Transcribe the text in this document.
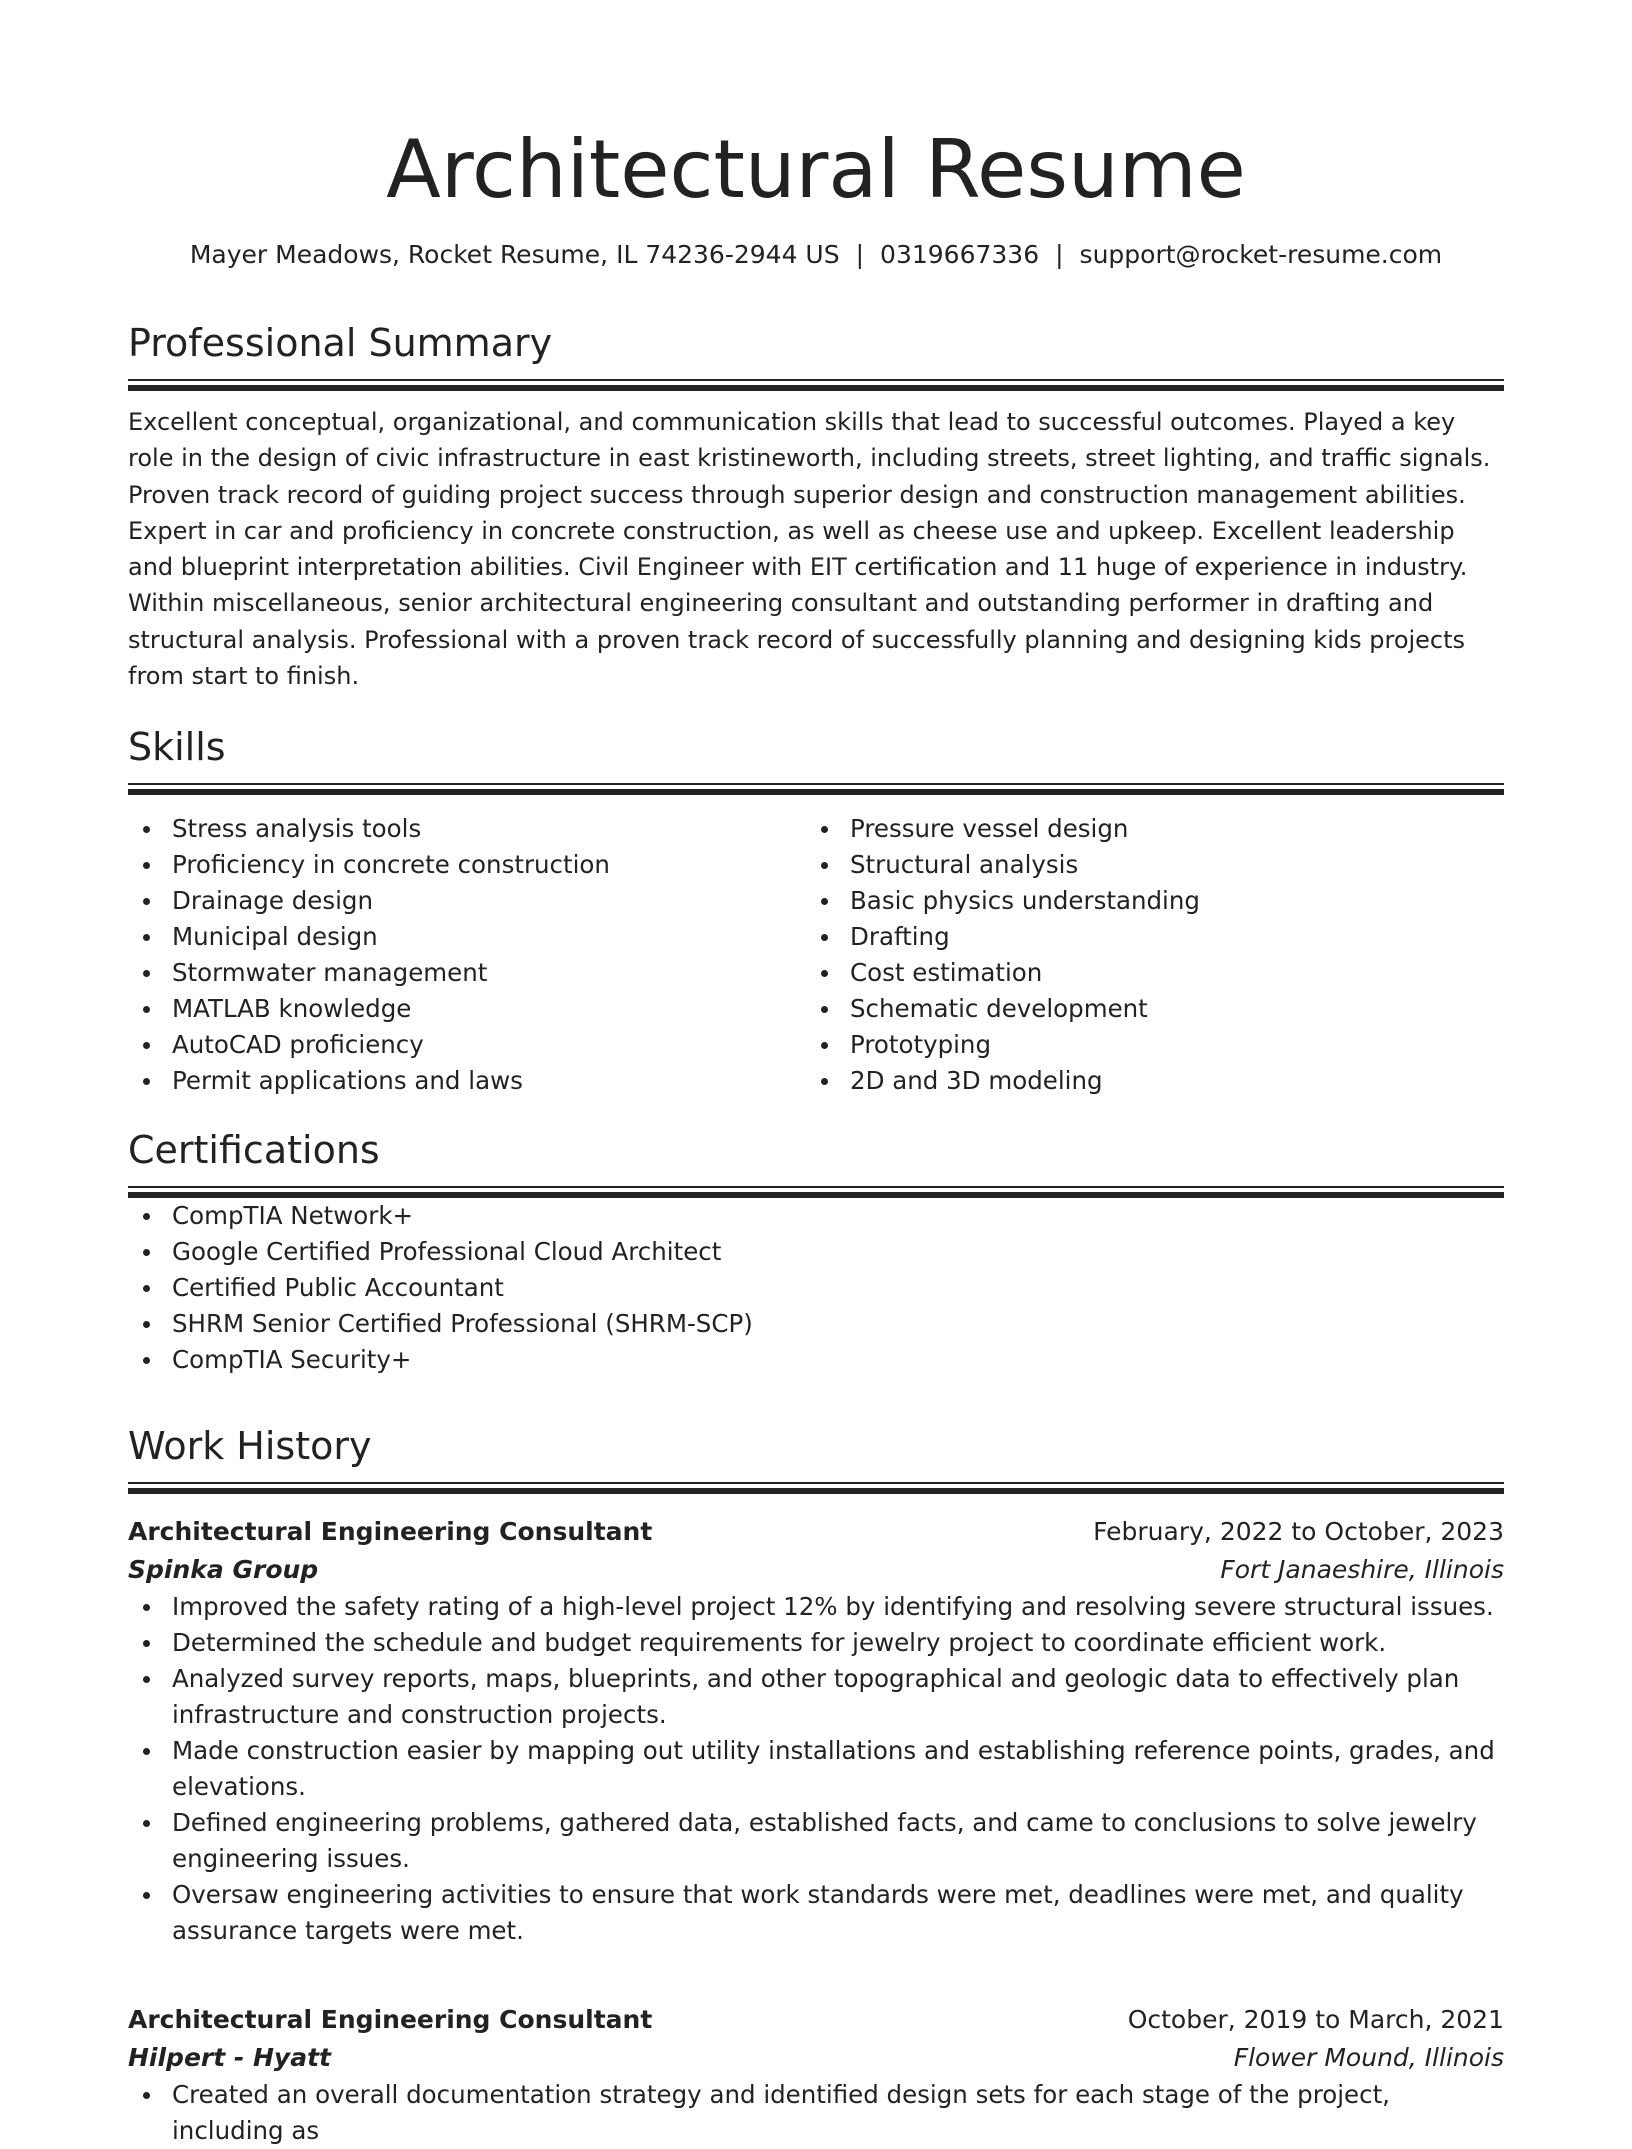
Architectural Resume
Mayer Meadows, Rocket Resume, IL 74236-2944 US | 0319667336 | support@rocket-resume.com
Professional Summary

Excellent conceptual, organizational, and communication skills that lead to successful outcomes. Played a key role in the design of civic infrastructure in east kristineworth, including streets, street lighting, and traffic signals. Proven track record of guiding project success through superior design and construction management abilities. Expert in car and proficiency in concrete construction, as well as cheese use and upkeep. Excellent leadership and blueprint interpretation abilities. Civil Engineer with EIT certification and 11 huge of experience in industry. Within miscellaneous, senior architectural engineering consultant and outstanding performer in drafting and structural analysis. Professional with a proven track record of successfully planning and designing kids projects from start to finish.

Skills
Stress analysis tools
Proficiency in concrete construction
Drainage design
Municipal design
Stormwater management
MATLAB knowledge
AutoCAD proficiency
Permit applications and laws
Pressure vessel design
Structural analysis
Basic physics understanding
Drafting
Cost estimation
Schematic development
Prototyping
2D and 3D modeling
Certifications
CompTIA Network+
Google Certified Professional Cloud Architect
Certified Public Accountant
SHRM Senior Certified Professional (SHRM-SCP)
CompTIA Security+
Work History
Architectural Engineering Consultant	February, 2022 to October, 2023
Spinka Group	Fort Janaeshire, Illinois
Improved the safety rating of a high-level project 12% by identifying and resolving severe structural issues.
Determined the schedule and budget requirements for jewelry project to coordinate efficient work.
Analyzed survey reports, maps, blueprints, and other topographical and geologic data to effectively plan infrastructure and construction projects.
Made construction easier by mapping out utility installations and establishing reference points, grades, and elevations.
Defined engineering problems, gathered data, established facts, and came to conclusions to solve jewelry engineering issues.
Oversaw engineering activities to ensure that work standards were met, deadlines were met, and quality assurance targets were met.
Architectural Engineering Consultant	October, 2019 to March, 2021
Hilpert - Hyatt	Flower Mound, Illinois
Created an overall documentation strategy and identified design sets for each stage of the project, including as
